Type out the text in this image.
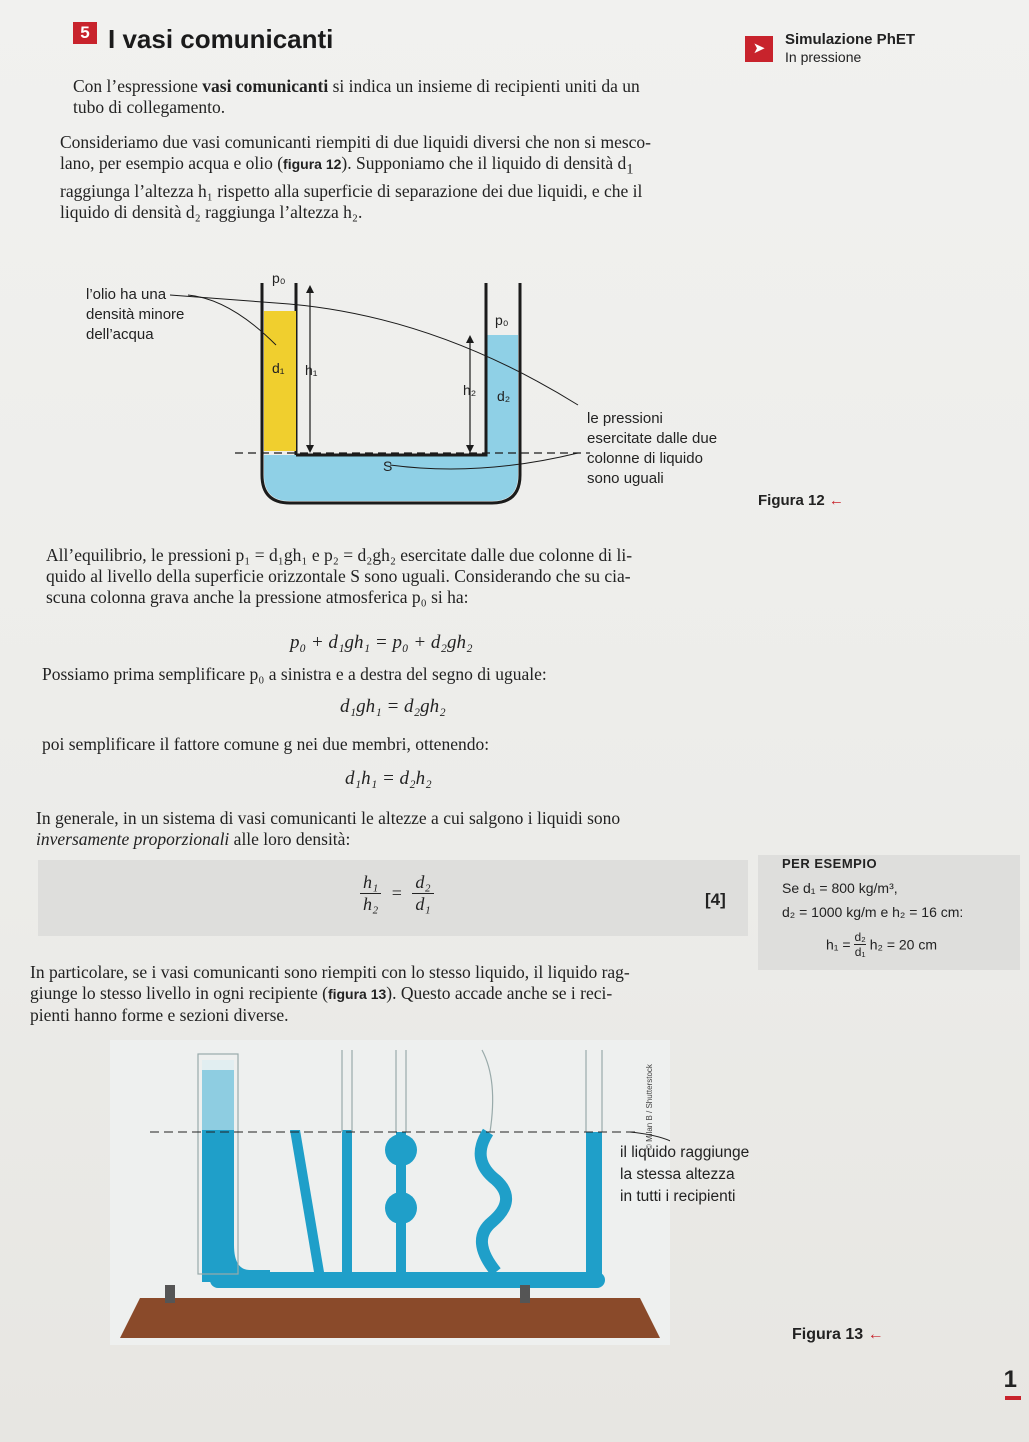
5 I vasi comunicanti	➤
Simulazione PhET
In pressione
Con l’espressione vasi comunicanti si indica un insieme di recipienti uniti da un
tubo di collegamento.
Consideriamo due vasi comunicanti riempiti di due liquidi diversi che non si mesco-
lano, per esempio acqua e olio (figura 12). Supponiamo che il liquido di densità $d_1$
raggiunga l’altezza h₁ rispetto alla superficie di separazione dei due liquidi, e che il
liquido di densità d₂ raggiunga l’altezza h₂.
l’olio ha una
densità minore
dell’acqua
p₀
p₀
d₁ h₁
h₂ d₂
S
le pressioni
esercitate dalle due
colonne di liquido
sono uguali
Figura 12 ←
All’equilibrio, le pressioni p₁ = d₁gh₁ e p₂ = d₂gh₂ esercitate dalle due colonne di li-
quido al livello della superficie orizzontale S sono uguali. Considerando che su cia-
scuna colonna grava anche la pressione atmosferica p₀ si ha:
p₀ + d₁gh₁ = p₀ + d₂gh₂
Possiamo prima semplificare p₀ a sinistra e a destra del segno di uguale:
d₁gh₁ = d₂gh₂
poi semplificare il fattore comune g nei due membri, ottenendo:
d₁h₁ = d₂h₂
In generale, in un sistema di vasi comunicanti le altezze a cui salgono i liquidi sono
inversamente proporzionali alle loro densità:
$\frac{\text{h₁}}{\text{h₂}} = \frac{\text{d₂}}{\text{d₁}}$	[4]
PER ESEMPIO
Se d₁ = 800 kg/m³,
d₂ = 1000 kg/m e h₂ = 16 cm:
$h_1 = \frac{\text{d₂}}{\text{d₁}} h_2 = 20$ cm
In particolare, se i vasi comunicanti sono riempiti con lo stesso liquido, il liquido rag-
giunge lo stesso livello in ogni recipiente (figura 13). Questo accade anche se i reci-
pienti hanno forme e sezioni diverse.
© Milan B / Shutterstock
il liquido raggiunge
la stessa altezza
in tutti i recipienti
Figura 13 ←
1
